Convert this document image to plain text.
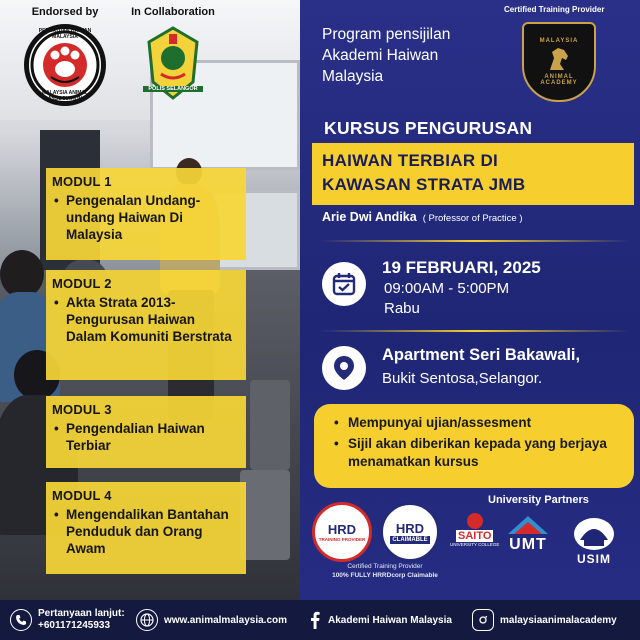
Endorsed by
PERSATUAN HAIWAN MALAYSIA
MALAYSIA ANIMAL ASSOCIATION
In Collaboration
POLIS SELANGOR
MODUL 1
• Pengenalan Undang-undang Haiwan Di Malaysia
MODUL 2
• Akta Strata 2013-Pengurusan Haiwan Dalam Komuniti Berstrata
MODUL 3
• Pengendalian Haiwan Terbiar
MODUL 4
• Mengendalikan Bantahan Penduduk dan Orang Awam
Certified Training Provider
Program pensijilan
Akademi Haiwan
Malaysia
MALAYSIA
ANIMAL
ACADEMY
KURSUS PENGURUSAN
HAIWAN TERBIAR DI
KAWASAN STRATA JMB
Arie Dwi Andika ( Professor of Practice )
19 FEBRUARI, 2025
09:00AM - 5:00PM
Rabu
Apartment Seri Bakawali,
Bukit Sentosa,Selangor.
• Mempunyai ujian/assesment
• Sijil akan diberikan kepada yang berjaya menamatkan kursus
University Partners
HRD
TRAINING PROVIDER
HRD
CLAIMABLE
Certified Training Provider
100% FULLY HRRDcorp Claimable
SAITO
UNIVERSITY COLLEGE UMT
USIM
Pertanyaan lanjut:
+601171245933	www.animalmalaysia.com	Akademi Haiwan Malaysia	malaysiaanimalacademy
